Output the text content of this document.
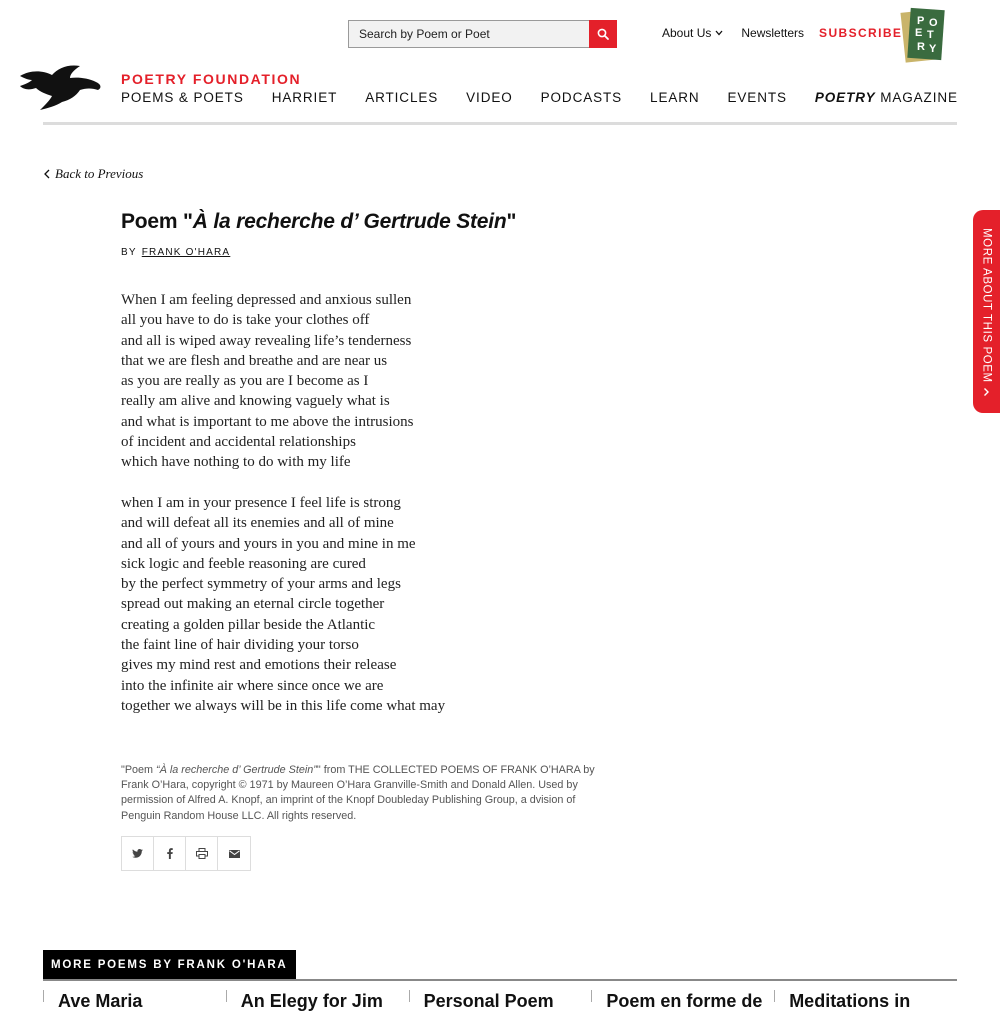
Search by Poem or Poet
About Us	Newsletters SUBSCRIBE
P O E T R Y
POETRY FOUNDATION
POEMS & POETS HARRIET ARTICLES VIDEO PODCASTS LEARN EVENTS POETRY MAGAZINE
Back to Previous
Poem "À la recherche d’ Gertrude Stein"
BY FRANK O'HARA
When I am feeling depressed and anxious sullen
all you have to do is take your clothes off
and all is wiped away revealing life’s tenderness
that we are flesh and breathe and are near us
as you are really as you are I become as I
really am alive and knowing vaguely what is
and what is important to me above the intrusions
of incident and accidental relationships
which have nothing to do with my life
when I am in your presence I feel life is strong
and will defeat all its enemies and all of mine
and all of yours and yours in you and mine in me
sick logic and feeble reasoning are cured
by the perfect symmetry of your arms and legs
spread out making an eternal circle together
creating a golden pillar beside the Atlantic
the faint line of hair dividing your torso
gives my mind rest and emotions their release
into the infinite air where since once we are
together we always will be in this life come what may
"Poem “À la recherche d’ Gertrude Stein”" from THE COLLECTED POEMS OF FRANK O’HARA by Frank O’Hara, copyright © 1971 by Maureen O’Hara Granville-Smith and Donald Allen. Used by permission of Alfred A. Knopf, an imprint of the Knopf Doubleday Publishing Group, a dvision of Penguin Random House LLC. All rights reserved.
MORE ABOUT THIS POEM
MORE POEMS BY FRANK O'HARA
Ave Maria	An Elegy for Jim	Personal Poem	Poem en forme de	Meditations in
